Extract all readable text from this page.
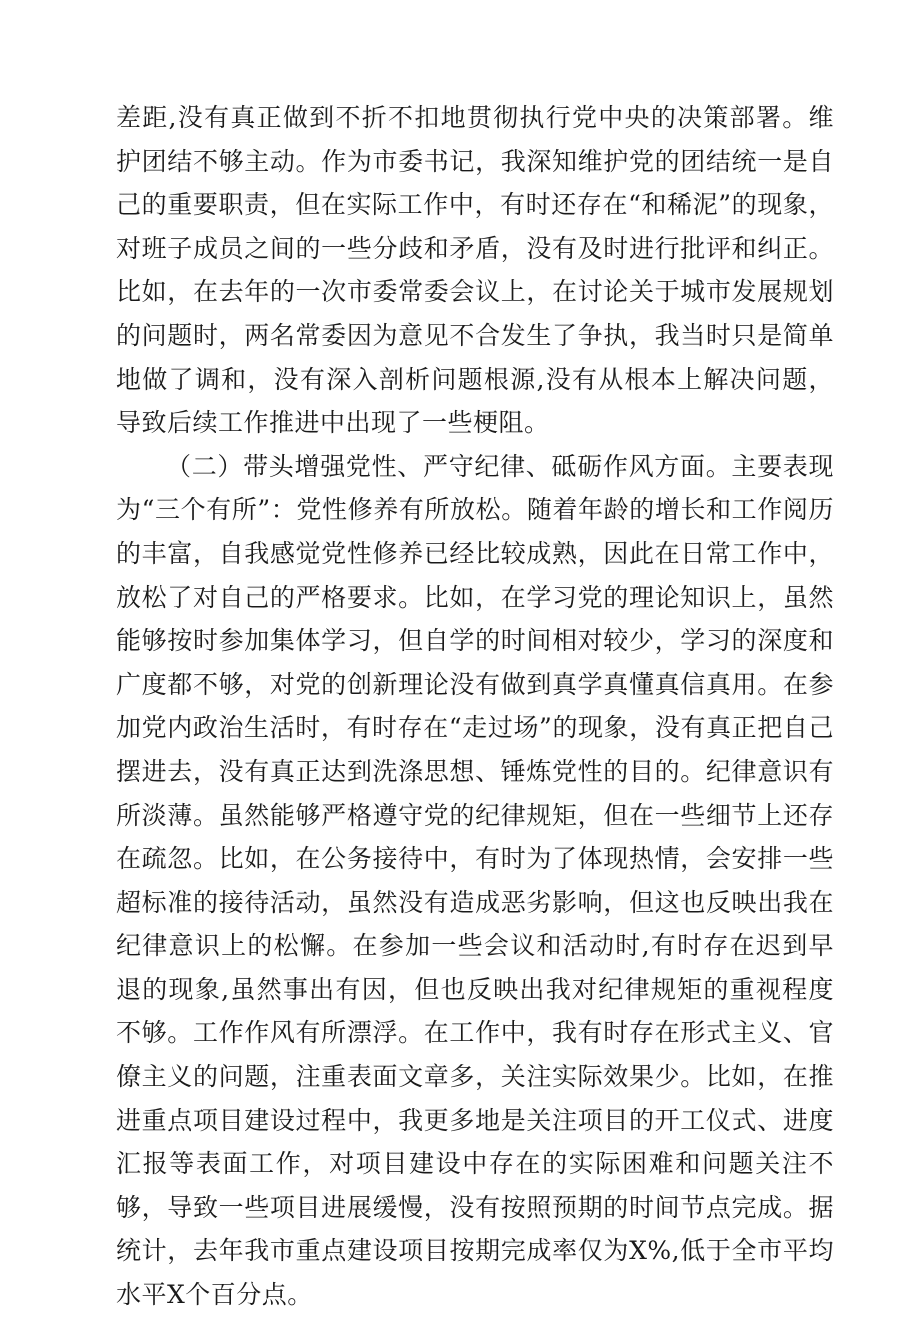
差距,没有真正做到不折不扣地贯彻执行党中央的决策部署。维护团结不够主动。作为市委书记，我深知维护党的团结统一是自己的重要职责，但在实际工作中，有时还存在“和稀泥”的现象，对班子成员之间的一些分歧和矛盾，没有及时进行批评和纠正。比如，在去年的一次市委常委会议上，在讨论关于城市发展规划的问题时，两名常委因为意见不合发生了争执，我当时只是简单地做了调和，没有深入剖析问题根源,没有从根本上解决问题，导致后续工作推进中出现了一些梗阻。

（二）带头增强党性、严守纪律、砥砺作风方面。主要表现为“三个有所”：党性修养有所放松。随着年龄的增长和工作阅历的丰富，自我感觉党性修养已经比较成熟，因此在日常工作中，放松了对自己的严格要求。比如，在学习党的理论知识上，虽然能够按时参加集体学习，但自学的时间相对较少，学习的深度和广度都不够，对党的创新理论没有做到真学真懂真信真用。在参加党内政治生活时，有时存在“走过场”的现象，没有真正把自己摆进去，没有真正达到洗涤思想、锤炼党性的目的。纪律意识有所淡薄。虽然能够严格遵守党的纪律规矩，但在一些细节上还存在疏忽。比如，在公务接待中，有时为了体现热情，会安排一些超标准的接待活动，虽然没有造成恶劣影响，但这也反映出我在纪律意识上的松懈。在参加一些会议和活动时,有时存在迟到早退的现象,虽然事出有因，但也反映出我对纪律规矩的重视程度不够。工作作风有所漂浮。在工作中，我有时存在形式主义、官僚主义的问题，注重表面文章多，关注实际效果少。比如，在推进重点项目建设过程中，我更多地是关注项目的开工仪式、进度汇报等表面工作，对项目建设中存在的实际困难和问题关注不够，导致一些项目进展缓慢，没有按照预期的时间节点完成。据统计，去年我市重点建设项目按期完成率仅为X%,低于全市平均水平X个百分点。
